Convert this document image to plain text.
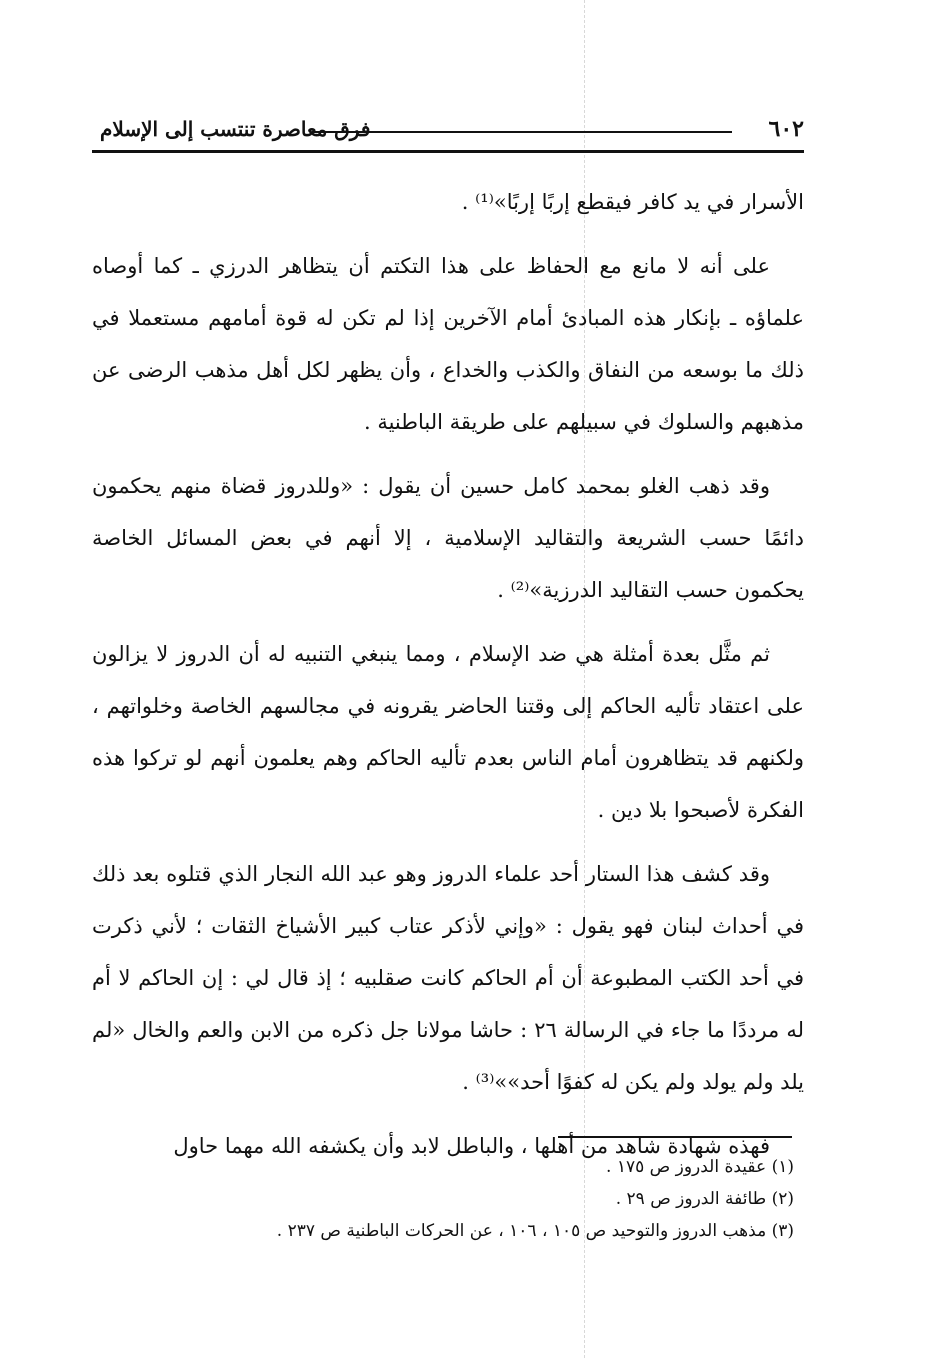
٦٠٢
فرق معاصرة تنتسب إلى الإسلام

الأسرار في يد كافر فيقطع إربًا إربًا»⁽¹⁾ .

على أنه لا مانع مع الحفاظ على هذا التكتم أن يتظاهر الدرزي ـ كما أوصاه علماؤه ـ بإنكار هذه المبادئ أمام الآخرين إذا لم تكن له قوة أمامهم مستعملا في ذلك ما بوسعه من النفاق والكذب والخداع ، وأن يظهر لكل أهل مذهب الرضى عن مذهبهم والسلوك في سبيلهم على طريقة الباطنية .

وقد ذهب الغلو بمحمد كامل حسين أن يقول : «وللدروز قضاة منهم يحكمون دائمًا حسب الشريعة والتقاليد الإسلامية ، إلا أنهم في بعض المسائل الخاصة يحكمون حسب التقاليد الدرزية»⁽²⁾ .

ثم مثَّل بعدة أمثلة هي ضد الإسلام ، ومما ينبغي التنبيه له أن الدروز لا يزالون على اعتقاد تأليه الحاكم إلى وقتنا الحاضر يقرونه في مجالسهم الخاصة وخلواتهم ، ولكنهم قد يتظاهرون أمام الناس بعدم تأليه الحاكم وهم يعلمون أنهم لو تركوا هذه الفكرة لأصبحوا بلا دين .

وقد كشف هذا الستار أحد علماء الدروز وهو عبد الله النجار الذي قتلوه بعد ذلك في أحداث لبنان فهو يقول : «وإني لأذكر عتاب كبير الأشياخ الثقات ؛ لأني ذكرت في أحد الكتب المطبوعة أن أم الحاكم كانت صقلبيه ؛ إذ قال لي : إن الحاكم لا أم له مرددًا ما جاء في الرسالة ٢٦ : حاشا مولانا جل ذكره من الابن والعم والخال «لم يلد ولم يولد ولم يكن له كفوًا أحد»»⁽³⁾ .

فهذه شهادة شاهد من أهلها ، والباطل لابد وأن يكشفه الله مهما حاول

(١) عقيدة الدروز ص ١٧٥ .
(٢) طائفة الدروز ص ٢٩ .
(٣) مذهب الدروز والتوحيد ص ١٠٥ ، ١٠٦ ، عن الحركات الباطنية ص ٢٣٧ .
